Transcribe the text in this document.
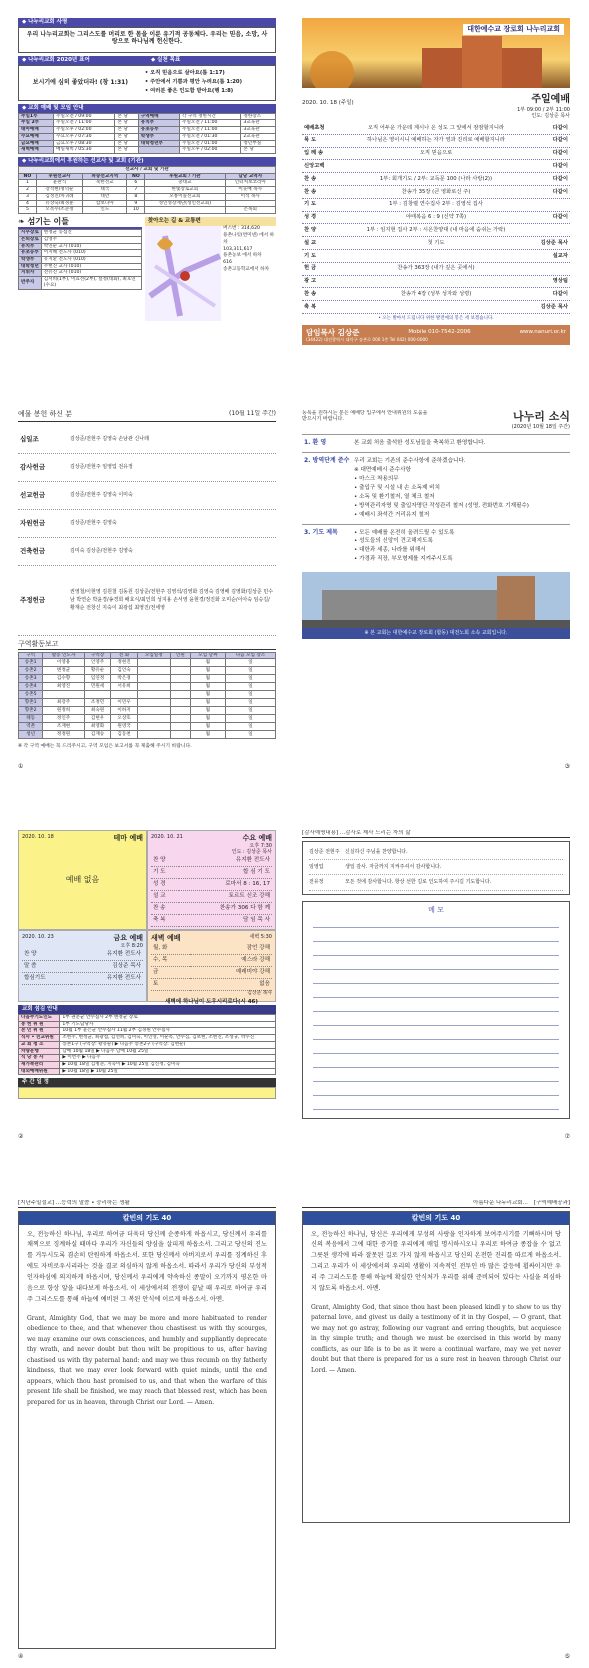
◆ 나누리교회 사명
우리 나누리교회는 그리스도를 머리로 한 몸을 이룬 유기적 공동체다. 우리는 믿음, 소망, 사랑으로 하나님께 헌신한다.
◆ 나누리교회 2020년 표어	◆ 실천 목표
보시기에 심히 좋았더라! (창 1:31)
• 오직 믿음으로 살아요(롬 1:17)
• 주안에서 기쁨과 평안 누려요(롬 1:20)
• 여러분 좋은 인도함 받아요(행 1:8)
◆ 교회 예배 및 모임 안내
주일1부	주일오전 / 09:00	본 당	구역예배	각 구역 정한시간	정한장소
주일 2부	주일오전 / 11:00	본 당	유치부	주일오전 / 11:00	3교육관
태아예배	주일오후 / 02:00	본 당	유초등부	주일오전 / 11:00	3교육관
수요예배	수요오후 / 07:30	본 당	학생부	주일오전 / 01:30	2교육관
금요예배	금요오후 / 08:30	본 당	대학청년부	주일오전 / 01:00	청년부실
새벽예배	매일새벽 / 05:30	본 당		주일오후 / 02:00	본 당
◆ 나누리교회에서 후원하는 선교사 및 교회 (기관)
선교사 / 교회 및 기관					
NO	후원선교사	파송선교지역	NO	후원교회 / 기관	담당 교역자
1	윤판식	북한선교	6	충대교	인터처보코리아
2	장석현/정덕순	태국	7	한빛장로교회	이웃배 목사
3	김성진/차귀례	대만	8	모퉁이돌선교회	이석 목사
4	유상숙/최경훈	캄보디아	9	성인성장재단(성인선교회)	
5	오복수/조준정	인도	10		온목회
❧ 섬기는 이들
시무장로	변정균 동섭진
은퇴장로	김영주
유치부	박연순 교사 (010)
유초등부	이지혜 전도사 (010)
학생부	유지환 전도사 (010)
대학청년	주현진 교사 (010)
지휘자	전유진 교사 (010)
반주자	김서희(1부), 이효선(2부), 설정(대화), 최호연(수요)
찾아오는 길 & 교통편
버스번 : 314,620
용촌나잇(번미넨) 에서 하차
103,311,617
용촌농보 에서 하차
616
송촌고등학교에서 하차
대한예수교 장로회 나누리교회
2020. 10. 18 (주일)	주일예배
1부 09:00 / 2부 11:00
인도: 김상준 목사
예배초청	오직 어두운 가운데 계시나 온 성도 그 앞에서 잠잠할지니라	다같이
묵 도	하나님은 영이시니 예배하는 자가 영과 진리로 예배할지니라	다같이
입 례 송	오직 믿음으로	다같이
신앙고백	다같이
찬 송	1부: 회개기도 / 2부: 교독문 100 (나라 사랑(2))	다같이
찬 송	찬송가 35장 (큰 영화로신 주)	다같이
기 도	1부 : 김창렬 연수집사 2부 : 김영석 집사
성 경	야태복음 6 : 9 (신약 7쪽)	다같이
찬 양	1부 : 임지현 집사 2부 : 시온찬양대 (내 마음에 숨쉬는 가락)
설 교	첫 기도	김상준 목사
기 도	설교자
헌 금	찬송가 363장 (내가 깊은 곳에서)
광 고	영상팀
찬 송	찬송가 4장 (성부 성자와 성령)	다같이
축 복	김상준 목사
• 오는 발마서 드립니다 위한 발전예의 봉은 세 보겠습니다.
담임목사 김상준	Mobile 010-7542-2006	www.nanuri.or.kr
(34422) 대전광역시 대덕구 송촌로 000 1층 Tel 042) 000-0000
예물 봉헌 하신 분	(10월 11일 주간)
십일조	김상준/전현주 김영숙 손남관 신나래
감사헌금	김상준/전현주 임영업 전유정
선교헌금	김상준/전현주 김영숙 이미숙
자원헌금	김상준/전현주 김영숙
건축헌금	김미숙 김상준/전현주 김영숙
주정헌금
권영철/이현영 김원철 김동원 김상준/전현주 김영석/김영화 김영숙 김영배 김영화/김상준 민수남 박연순 박윤경/송경희 배효식/최인희 성지용 손서영 윤현경/정진화 오미순/이아숙 임승길/황재순 전창신 지숙이 최광섭 최영진/전세영
구역활동보고
구역	활동 인도자	구역장	전 화	모임일정	인원	모임 날짜	다음 모임 장소
송촌1	이영용	인영주	정현진			월	일
송촌2	변정균	황유순	김인숙			월	일
송촌3	김수향	임연정	박은경			월	일
송촌4	최영진	민원세	서유희			월	일
송촌5						월	일
향촌1	최강주	조정민	이민우			월	일
향촌2	원정희	최숙원	이하지			월	일
태동	정인주	김현우	오상호			월	일
역촌	조재현	최영화	원영국			월	일
청년	정정원	김재승	김동천			월	일
※ 각 구역 예배는 꼭 드리주시고, 구역 모임은 보고서를 꼭 제출해 주시기 바랍니다.
①
등록을 원하시는 분은 예배당 입구에서 안내위원의 도움을 받으시기 바랍니다.	나누리 소식
(2020년 10월 18일 주간)
1. 환 영	본 교회 처음 출석한 성도님들을 축복하고 환영합니다.
2. 방역단계 준수 우리 교회는 기존의 준수사항에 준하겠습니다.
※ 대면예배시 준수사항
• 마스크 착용의무
• 출입구 및 시설 내 손 소독제 비치
• 소독 및 환기철저, 열 체크 철저
• 방역관리자명 및 출입자명단 작성관리 철저 (성명, 전화번호 기재필수)
• 예배시 좌석간 거리유지 철저
3. 기도 제목	• 모든 예배를 온전히 올려드릴 수 있도록
• 성도들의 신앙이 견고해지도록
• 대한과 세종, 나라를 위해서
• 가경과 직장, 부모형제를 지켜주시도록
※ 본 교회는 대한예수교 장로회 (합동) 대전노회 소속 교회입니다.
③
2020. 10. 18	테마 예배
예배 없음
2020. 10. 21	수요 예배
오후 7:30
인도 : 김상준 목사
찬 양	유지환 전도사
기 도	합 심 기 도
성 경	로마서 8 : 16, 17
설 교	토르트 신조 강해
찬 송	찬송가 306 다 함 께
축 복	담 임 목 사
2020. 10. 23	금요 예배
오후 8:20
찬 양	유지환 전도사
말 씀	김상준 목사
합심기도	유지환 전도사
새벽 예배	새벽 5:30
월, 화	잠언 강해
수, 목	예스라 강해
금	예레미야 강해
토	없음
김상준 목사
새벽에 하나님이 도우시리로다(시 46)
교회 섬김 안내
다음주기도인도	1부 권문균 안수집사 2부 변정균 장로
봉 헌 위 원	1부 기도담당자
본 민 위 원	10월 1부 윤은균 안수집사 11월 2부 김경원 안수집사
식사 • 친교위원	조현주, 변정균, 최광섭, 김선희, 김미숙, 이인영, 이순복, 안수심, 김보현, 조현진, 조성규, 박수진
교 회 청 소	송촌1구 (구역장: 황유순) ▶ 다음주 송촌2구 (구역장: 김현순)
차량운행	남예 10월 18일 ▶ 다음주 남예 10월 25일
식 당 봉 사	▶ 이번주 ▶ 다음주
새가족관리	▶ 10월 18일 김병준, 지숙이 ▶ 10월 25일 김신정, 김미숙
대외예배위원	▶ 10월 18일 ▶ 10월 25일
주 간 일 정
②
[감사예명내용] ...감사로 제사 드리는 자의 삶
김상준 전현주	신실하신 주님을 찬양합니다.
임영업	생일 감사. 자금까지 지켜주셔서 감사합니다.
전유정	모든 것에 감사합니다. 항상 선한 길로 인도하여 주시길 기도합니다.
메 모
⑦
[지난주일설교] ...능력의 말씀 • 승리하는 생활
칼빈의 기도 40
오, 전능하신 하나님, 우리로 하여금 더욱더 당신께 순종하게 하옵시고, 당신께서 우리를 채찍으로 징계하실 때마다 우리가 자신들의 양심을 살피게 하옵소서. 그리고 당신의 진노를 거두시도록 겸손히 탄원하게 하옵소서. 또한 당신께서 아버지로서 우리를 징계하신 후에도 자비로우시리라는 것을 결코 의심하지 않게 하옵소서. 따라서 우리가 당신의 부성적 인자하심에 의지하게 하옵시며, 당신께서 우리에게 약속하신 종말이 오기까지 평온한 마음으로 항상 앞을 내다보게 하옵소서. 이 세상에서의 전쟁이 끝날 때 우리로 하여금 우리 주 그리스도를 통해 하늘에 예비된 그 복된 안식에 이르게 하옵소서. 아멘.
Grant, Almighty God, that we may be more and more habituated to render obedience to thee, and that whenever thou chastisest us with thy scourges, we may examine our own consciences, and humbly and suppliantly deprecate thy wrath, and never doubt but thou wilt be propitious to us, after having chastised us with thy paternal hand: and may we thus recumb on thy fatherly kindness, that we may ever look forward with quiet minds, until the end appears, which thou hast promised to us, and that when the warfare of this present life shall be finished, we may reach that blessed rest, which has been prepared for us in heaven, through Christ our Lord. — Amen.
④
아름다운 나누리교회... [구역예배공과]
칼빈의 기도 40
오, 전능하신 하나님, 당신은 우리에게 부성의 사랑을 인자하게 보여주시기를 기뻐하시며 당신의 복음에서 그에 대한 증거를 우리에게 매일 명시하시오니 우리로 하여금 종잡을 수 없고 그릇된 생각에 따라 잘못된 길로 가지 않게 하옵시고 당신의 온전한 진리를 따르게 하옵소서. 그리고 우리가 이 세상에서의 우리의 생활이 지속적인 전투인 바 많은 갈등에 휩싸이지만 우리 주 그리스도를 통해 하늘에 확실한 안식처가 우리를 위해 준비되어 있다는 사실을 의심하지 않도록 하옵소서. 아멘.
Grant, Almighty God, that since thou hast been pleased kindl y to shew to us thy paternal love, and givest us daily a testimony of it in thy Gospel, — O grant, that we may not go astray, following our vagrant and erring thoughts, but acquiesce in thy simple truth; and though we must be exercised in this world by many conflicts, as our life is to be as it were a continual warfare, may we yet never doubt but that there is prepared for us a sure rest in heaven through Christ our Lord. — Amen.
⑤
